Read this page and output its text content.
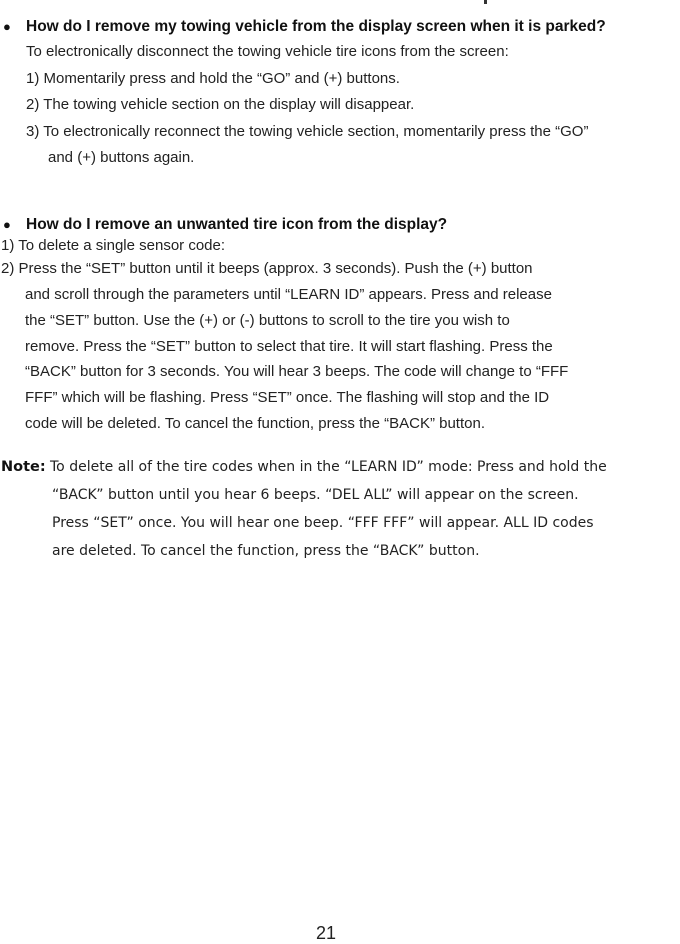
● How do I remove my towing vehicle from the display screen when it is parked?
To electronically disconnect the towing vehicle tire icons from the screen:
1) Momentarily press and hold the “GO” and (+) buttons.
2) The towing vehicle section on the display will disappear.
3) To electronically reconnect the towing vehicle section, momentarily press the “GO”
and (+) buttons again.
● How do I remove an unwanted tire icon from the display?
1) To delete a single sensor code:
2) Press the “SET” button until it beeps (approx. 3 seconds). Push the (+) button
and scroll through the parameters until “LEARN ID” appears. Press and release
the “SET” button. Use the (+) or (-) buttons to scroll to the tire you wish to
remove. Press the “SET” button to select that tire. It will start flashing. Press the
“BACK” button for 3 seconds. You will hear 3 beeps. The code will change to “FFF
FFF” which will be flashing. Press “SET” once. The flashing will stop and the ID
code will be deleted. To cancel the function, press the “BACK” button.
Note: To delete all of the tire codes when in the “LEARN ID” mode: Press and hold the
“BACK” button until you hear 6 beeps. “DEL ALL” will appear on the screen.
Press “SET” once. You will hear one beep. “FFF FFF” will appear. ALL ID codes
are deleted. To cancel the function, press the “BACK” button.
21
